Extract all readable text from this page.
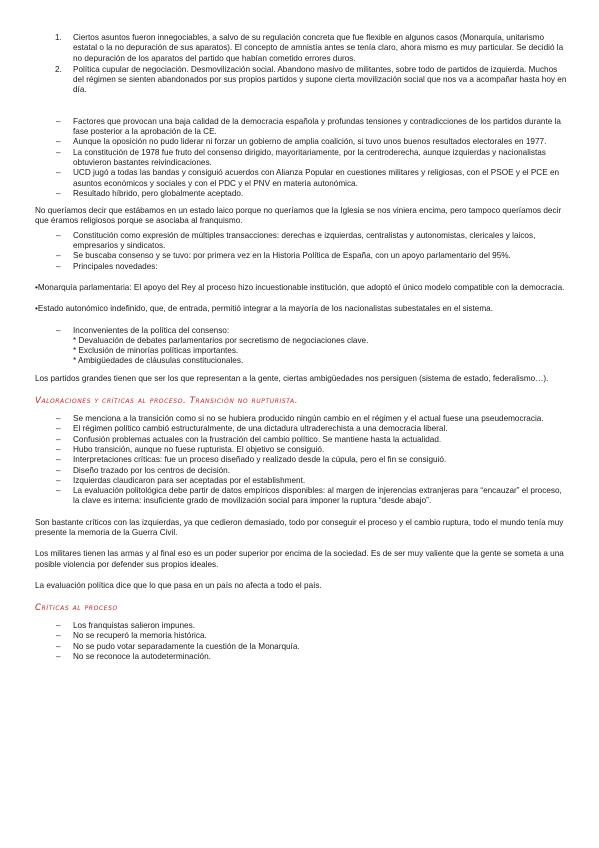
1. Ciertos asuntos fueron innegociables, a salvo de su regulación concreta que fue flexible en algunos casos (Monarquía, unitarismo estatal o la no depuración de sus aparatos). El concepto de amnistía antes se tenía claro, ahora mismo es muy particular. Se decidió la no depuración de los aparatos del partido que habían cometido errores duros.
2. Política cupular de negociación. Desmovilización social. Abandono masivo de militantes, sobre todo de partidos de izquierda. Muchos del régimen se sienten abandonados por sus propios partidos y supone cierta movilización social que nos va a acompañar hasta hoy en día.
– Factores que provocan una baja calidad de la democracia española y profundas tensiones y contradicciones de los partidos durante la fase posterior a la aprobación de la CE.
– Aunque la oposición no pudo liderar ni forzar un gobierno de amplia coalición, si tuvo unos buenos resultados electorales en 1977.
– La constitución de 1978 fue fruto del consenso dirigido, mayoritariamente, por la centroderecha, aunque izquierdas y nacionalistas obtuvieron bastantes reivindicaciones.
– UCD jugó a todas las bandas y consiguió acuerdos con Alianza Popular en cuestiones militares y religiosas, con el PSOE y el PCE en asuntos económicos y sociales y con el PDC y el PNV en materia autonómica.
– Resultado híbrido, pero globalmente aceptado.

No queríamos decir que estábamos en un estado laico porque no queríamos que la Iglesia se nos viniera encima, pero tampoco queríamos decir que éramos religiosos porque se asociaba al franquismo.

– Constitución como expresión de múltiples transacciones: derechas e izquierdas, centralistas y autonomistas, clericales y laicos, empresarios y sindicatos.
– Se buscaba consenso y se tuvo: por primera vez en la Historia Política de España, con un apoyo parlamentario del 95%.
– Principales novedades:

•Monarquía parlamentaria: El apoyo del Rey al proceso hizo incuestionable institución, que adoptó el único modelo compatible con la democracia.

•Estado autonómico indefinido, que, de entrada, permitió integrar a la mayoría de los nacionalistas subestatales en el sistema.

– Inconvenientes de la política del consenso:
* Devaluación de debates parlamentarios por secretismo de negociaciones clave.
* Exclusión de minorías políticas importantes.
* Ambigüedades de cláusulas constitucionales.

Los partidos grandes tienen que ser los que representan a la gente, ciertas ambigüedades nos persiguen (sistema de estado, federalismo…).

Valoraciones y críticas al proceso. Transición no rupturista.
– Se menciona a la transición como si no se hubiera producido ningún cambio en el régimen y el actual fuese una pseudemocracia.
– El régimen político cambió estructuralmente, de una dictadura ultraderechista a una democracia liberal.
– Confusión problemas actuales con la frustración del cambio político. Se mantiene hasta la actualidad.
– Hubo transición, aunque no fuese rupturista. El objetivo se consiguió.
– Interpretaciones críticas: fue un proceso diseñado y realizado desde la cúpula, pero el fin se consiguió.
– Diseño trazado por los centros de decisión.
– Izquierdas claudicaron para ser aceptadas por el establishment.
– La evaluación politológica debe partir de datos empíricos disponibles: al margen de injerencias extranjeras para “encauzar” el proceso, la clave es interna: insuficiente grado de movilización social para imponer la ruptura “desde abajo”.

Son bastante críticos con las izquierdas, ya que cedieron demasiado, todo por conseguir el proceso y el cambio ruptura, todo el mundo tenía muy presente la memoria de la Guerra Civil.

Los militares tienen las armas y al final eso es un poder superior por encima de la sociedad. Es de ser muy valiente que la gente se someta a una posible violencia por defender sus propios ideales.

La evaluación política dice que lo que pasa en un país no afecta a todo el país.

Críticas al proceso
– Los franquistas salieron impunes.
– No se recuperó la memoria histórica.
– No se pudo votar separadamente la cuestión de la Monarquía.
– No se reconoce la autodeterminación.
